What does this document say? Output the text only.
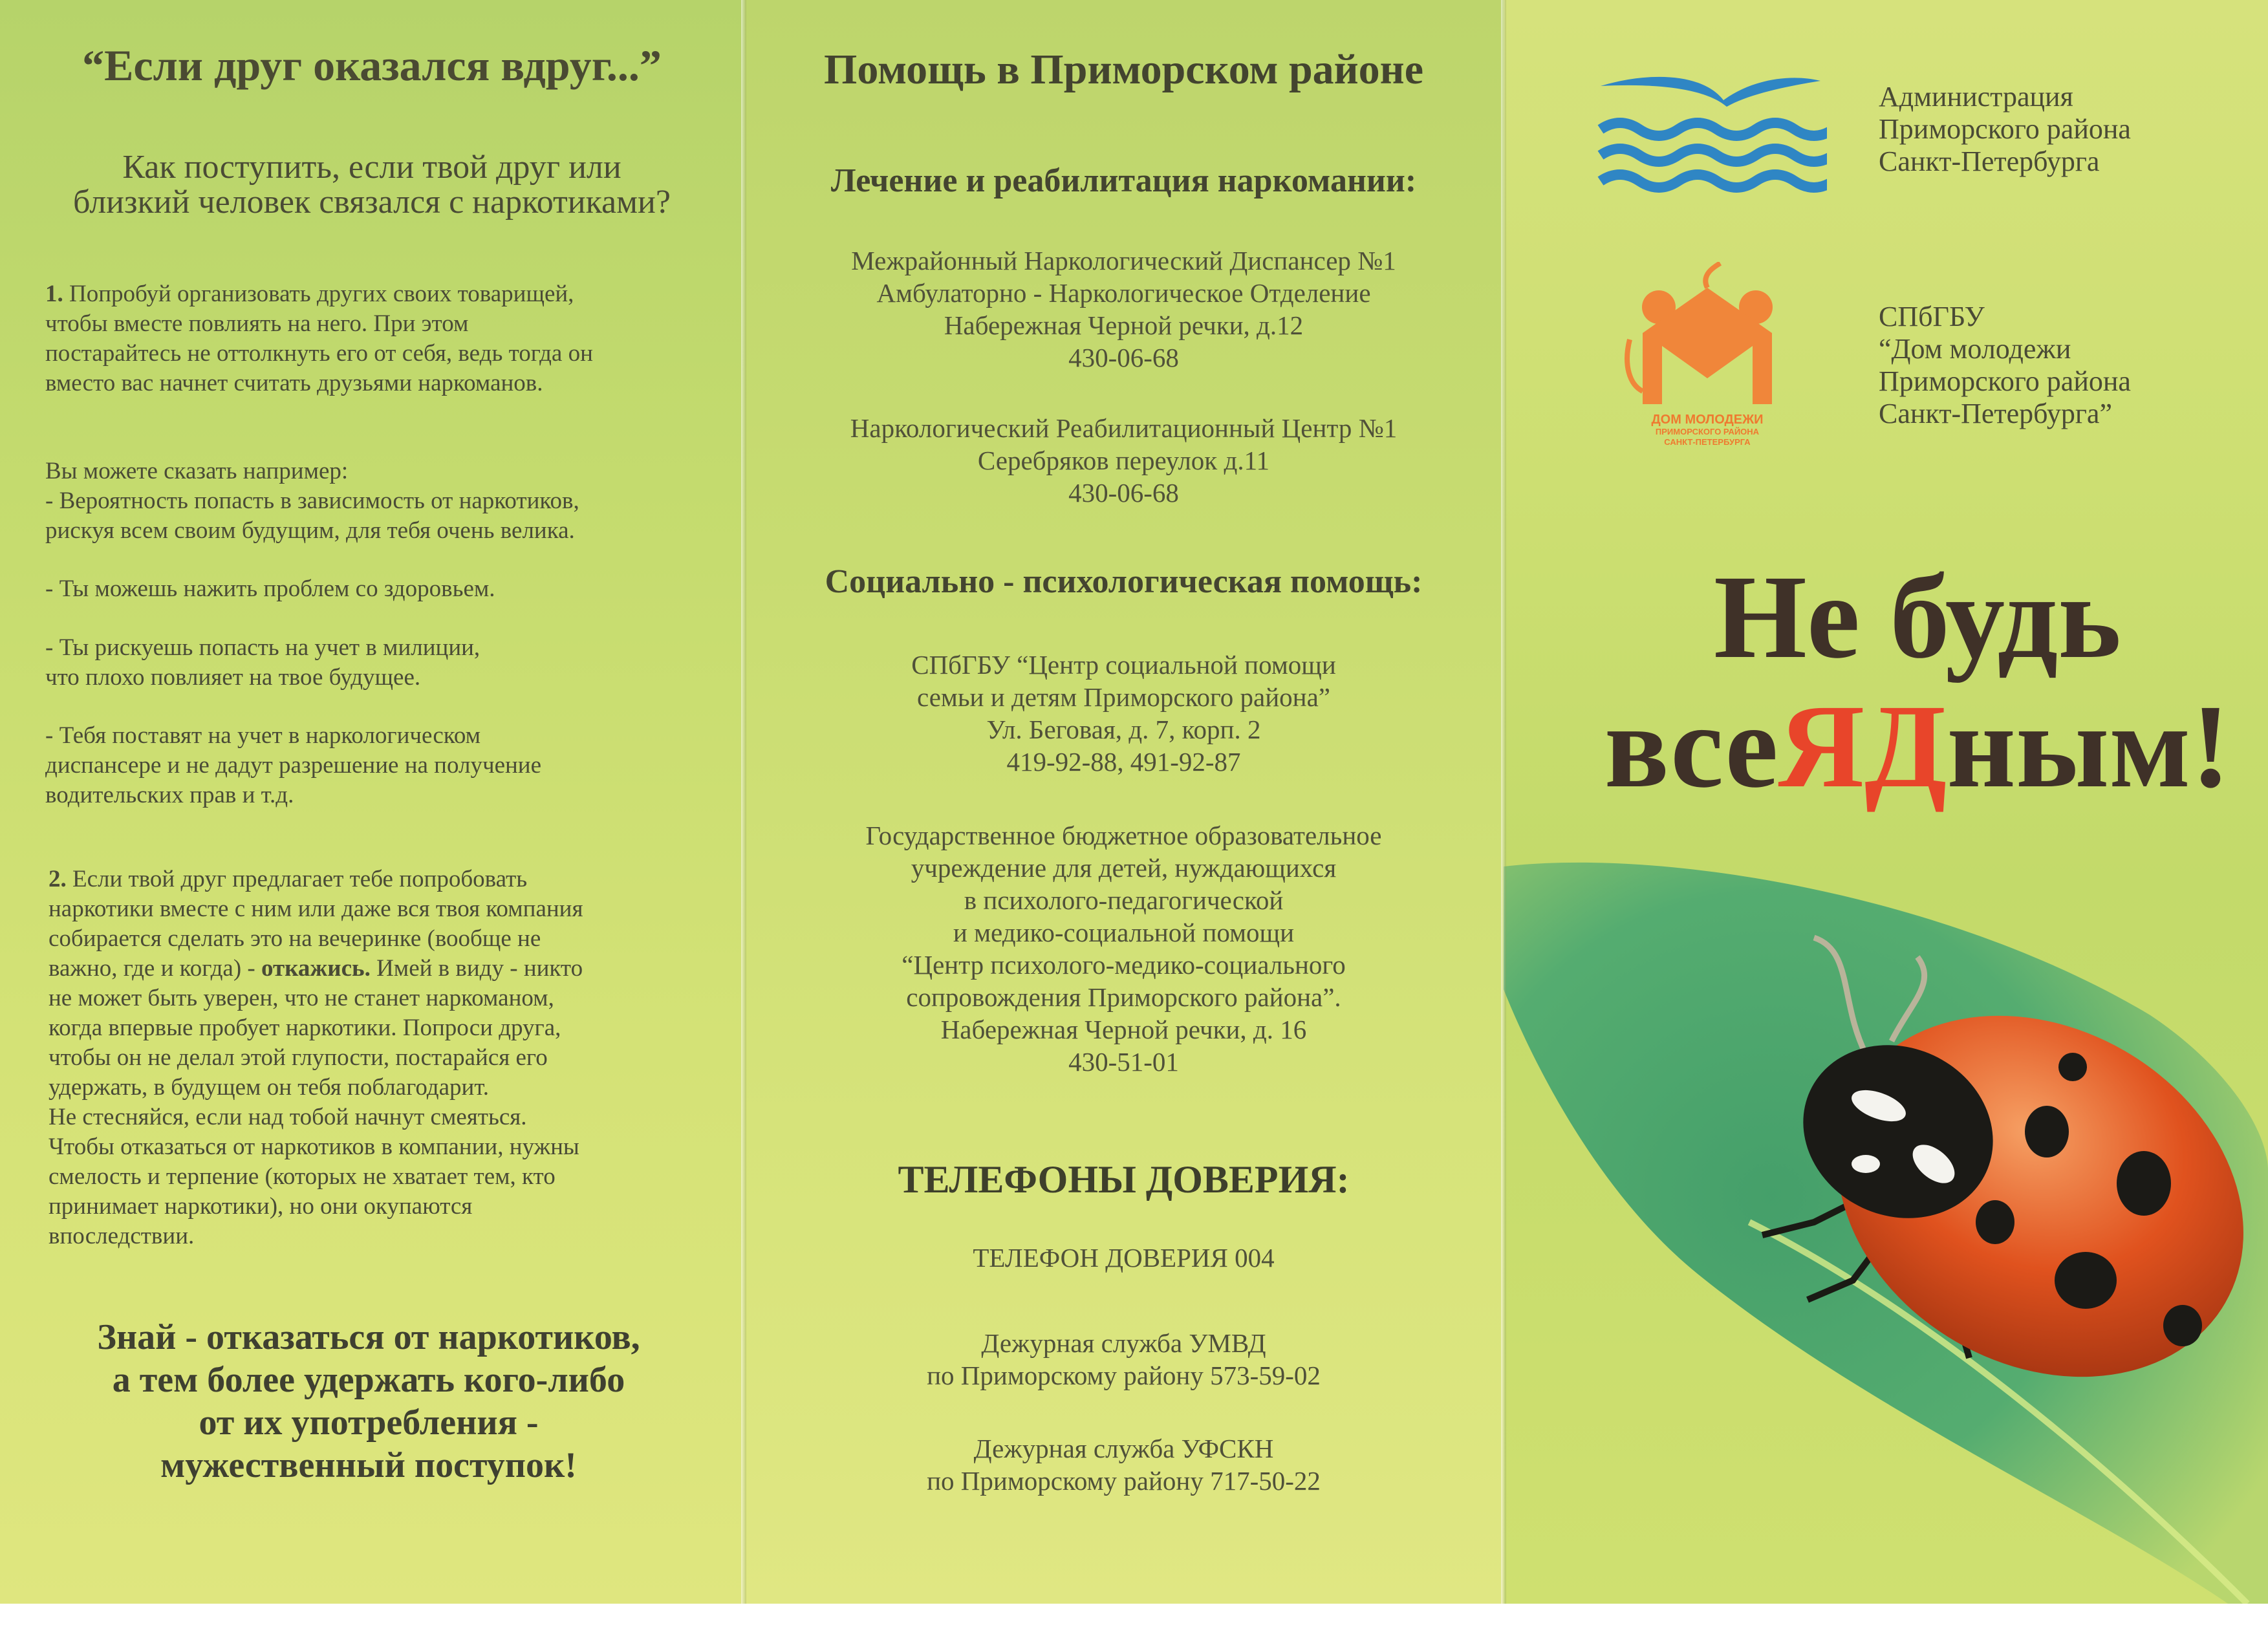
“Если друг оказался вдруг...”
Как поступить, если твой друг или
близкий человек связался с наркотиками?
1. Попробуй организовать других своих товарищей,
чтобы вместе повлиять на него. При этом
постарайтесь не оттолкнуть его от себя, ведь тогда он
вместо вас начнет считать друзьями наркоманов.
Вы можете сказать например:
- Вероятность попасть в зависимость от наркотиков,
рискуя всем своим будущим, для тебя очень велика.
- Ты можешь нажить проблем со здоровьем.
- Ты рискуешь попасть на учет в милиции,
что плохо повлияет на твое будущее.
- Тебя поставят на учет в наркологическом
диспансере и не дадут разрешение на получение
водительских прав и т.д.
2. Если твой друг предлагает тебе попробовать
наркотики вместе с ним или даже вся твоя компания
собирается сделать это на вечеринке (вообще не
важно, где и когда) - откажись. Имей в виду - никто
не может быть уверен, что не станет наркоманом,
когда впервые пробует наркотики. Попроси друга,
чтобы он не делал этой глупости, постарайся его
удержать, в будущем он тебя поблагодарит.
Не стесняйся, если над тобой начнут смеяться.
Чтобы отказаться от наркотиков в компании, нужны
смелость и терпение (которых не хватает тем, кто
принимает наркотики), но они окупаются
впоследствии.
Знай - отказаться от наркотиков,
а тем более удержать кого-либо
от их употребления -
мужественный поступок!
Помощь в Приморском районе
Лечение и реабилитация наркомании:
Межрайонный Наркологический Диспансер №1
Амбулаторно - Наркологическое Отделение
Набережная Черной речки, д.12
430-06-68
Наркологический Реабилитационный Центр №1
Серебряков переулок д.11
430-06-68
Социально - психологическая помощь:
СПбГБУ “Центр социальной помощи
семьи и детям Приморского района”
Ул. Беговая, д. 7, корп. 2
419-92-88, 491-92-87
Государственное бюджетное образовательное
учреждение для детей, нуждающихся
в психолого-педагогической
и медико-социальной помощи
“Центр психолого-медико-социального
сопровождения Приморского района”.
Набережная Черной речки, д. 16
430-51-01
ТЕЛЕФОНЫ ДОВЕРИЯ:
ТЕЛЕФОН ДОВЕРИЯ 004
Дежурная служба УМВД
по Приморскому району 573-59-02
Дежурная служба УФСКН
по Приморскому району 717-50-22
Администрация
Приморского района
Санкт-Петербурга
ДОМ МОЛОДЕЖИ
ПРИМОРСКОГО РАЙОНА
САНКТ-ПЕТЕРБУРГА
СПбГБУ
“Дом молодежи
Приморского района
Санкт-Петербурга”
Не будь
всеЯДным!
